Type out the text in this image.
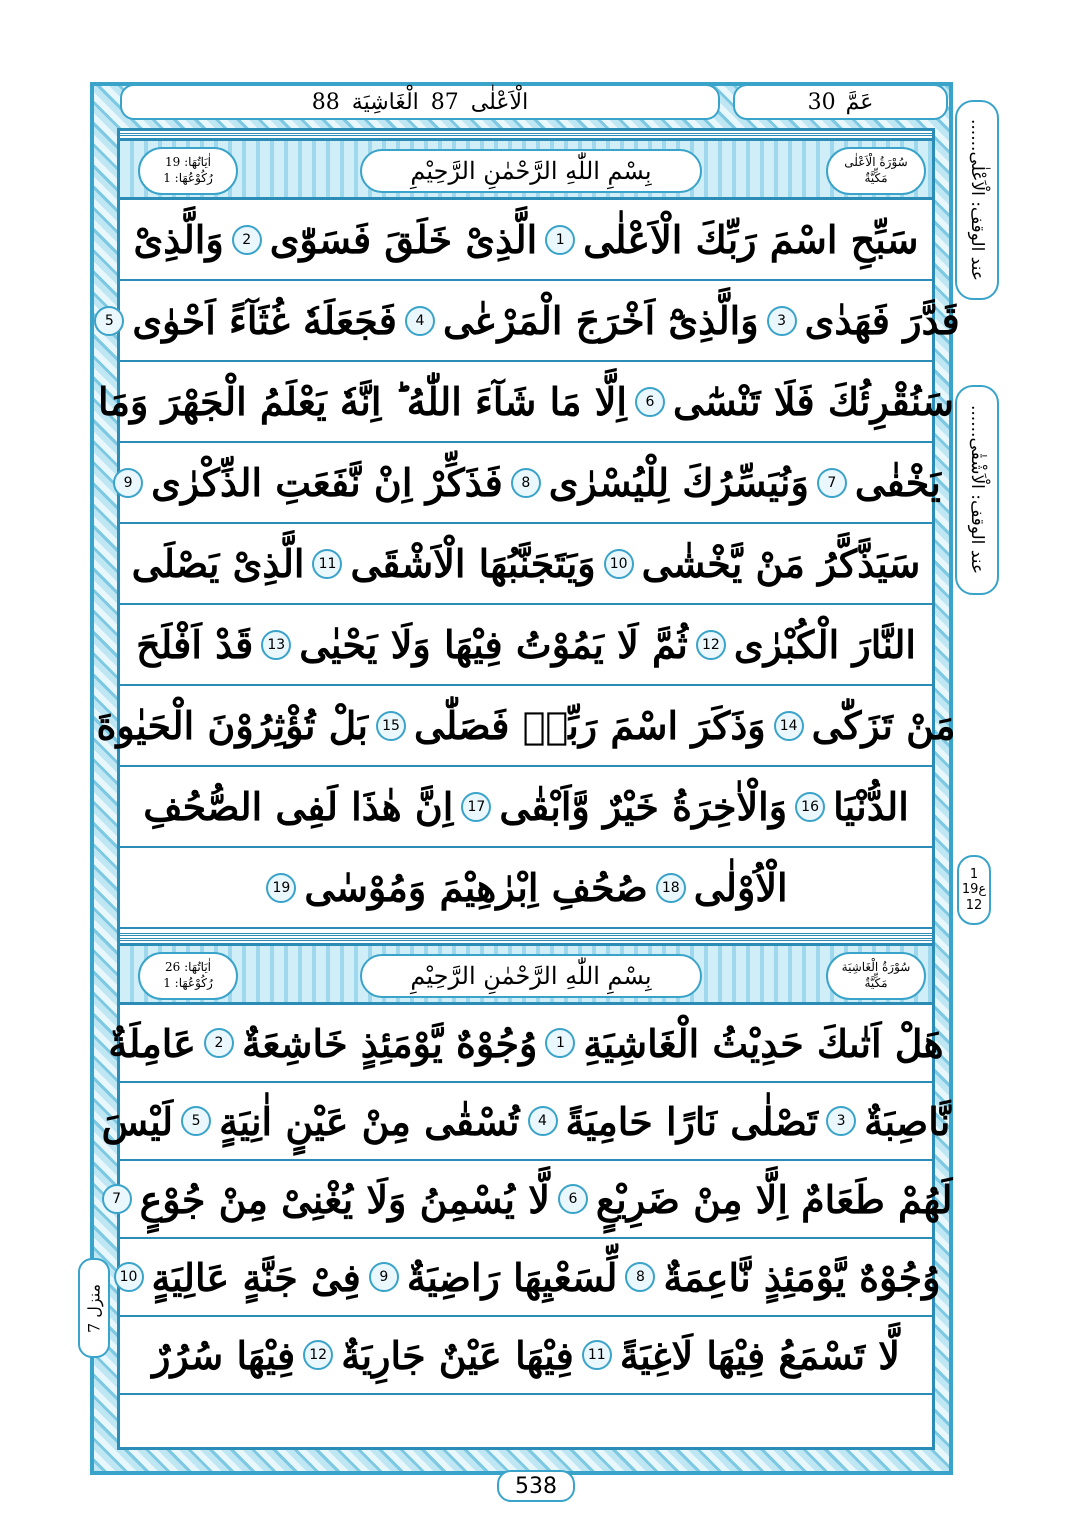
الْاَعْلٰى
87
الْغَاشِيَة
88	عَمَّ
30
سُوْرَةُ الْاَعْلٰى
مَكِّيَّةٌ
بِسْمِ اللّٰهِ الرَّحْمٰنِ الرَّحِيْمِ
اٰيَاتُهَا: 19
رُكُوْعُهَا: 1
سَبِّحِ اسْمَ رَبِّكَ الْاَعْلٰى
1
الَّذِىْ خَلَقَ فَسَوّٰى
2
وَالَّذِىْ
قَدَّرَ فَهَدٰى
3
وَالَّذِىْٓ اَخْرَجَ الْمَرْعٰى
4
فَجَعَلَهٗ غُثَآءً اَحْوٰى
5
سَنُقْرِئُكَ فَلَا تَنْسٰٓى
6
اِلَّا مَا شَآءَ اللّٰهُ ؕ اِنَّهٗ يَعْلَمُ الْجَهْرَ وَمَا
يَخْفٰى
7
وَنُيَسِّرُكَ لِلْيُسْرٰى
8
فَذَكِّرْ اِنْ نَّفَعَتِ الذِّكْرٰى
9
سَيَذَّكَّرُ مَنْ يَّخْشٰى
10
وَيَتَجَنَّبُهَا الْاَشْقَى
11
الَّذِىْ يَصْلَى
النَّارَ الْكُبْرٰى
12
ثُمَّ لَا يَمُوْتُ فِيْهَا وَلَا يَحْيٰى
13
قَدْ اَفْلَحَ
مَنْ تَزَكّٰى
14
وَذَكَرَ اسْمَ رَبِّهٖ فَصَلّٰى
15
بَلْ تُؤْثِرُوْنَ الْحَيٰوةَ
الدُّنْيَا
16
وَالْاٰخِرَةُ خَيْرٌ وَّاَبْقٰى
17
اِنَّ هٰذَا لَفِى الصُّحُفِ
الْاُوْلٰى
18
صُحُفِ اِبْرٰهِيْمَ وَمُوْسٰى
19
سُوْرَةُ الْغَاشِيَة
مَكِّيَّةٌ
بِسْمِ اللّٰهِ الرَّحْمٰنِ الرَّحِيْمِ
اٰيَاتُهَا: 26
رُكُوْعُهَا: 1
هَلْ اَتٰىكَ حَدِيْثُ الْغَاشِيَةِ
1
وُجُوْهٌ يَّوْمَئِذٍ خَاشِعَةٌ
2
عَامِلَةٌ
نَّاصِبَةٌ
3
تَصْلٰى نَارًا حَامِيَةً
4
تُسْقٰى مِنْ عَيْنٍ اٰنِيَةٍ
5
لَيْسَ
لَهُمْ طَعَامٌ اِلَّا مِنْ ضَرِيْعٍ
6
لَّا يُسْمِنُ وَلَا يُغْنِىْ مِنْ جُوْعٍ
7
وُجُوْهٌ يَّوْمَئِذٍ نَّاعِمَةٌ
8
لِّسَعْيِهَا رَاضِيَةٌ
9
فِىْ جَنَّةٍ عَالِيَةٍ
10
لَّا تَسْمَعُ فِيْهَا لَاغِيَةً
11
فِيْهَا عَيْنٌ جَارِيَةٌ
12
فِيْهَا سُرُرٌ
......عند الوقف: الْاَعْلٰى
......عند الوقف: الْاَشْقٰى
1
ع19
12
منزل 7
538
